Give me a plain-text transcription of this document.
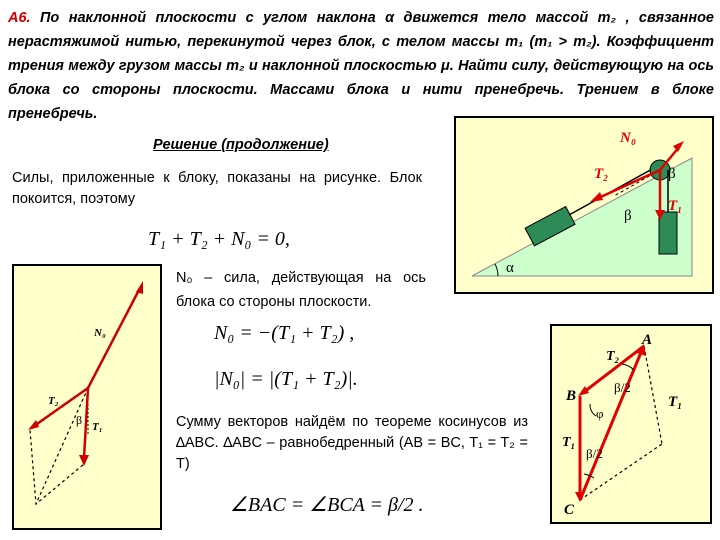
А6. По наклонной плоскости с углом наклона α движется тело массой m₂ , связанное нерастяжимой нитью, перекинутой через блок, с телом массы m₁ (m₁ > m₂). Коэффициент трения между грузом массы m₂ и наклонной плоскостью μ. Найти силу, действующую на ось блока со стороны плоскости. Массами блока и нити пренебречь. Трением в блоке пренебречь.
Решение (продолжение)
Силы, приложенные к блоку, показаны на рисунке. Блок покоится, поэтому
T₁ + T₂ + N₀ = 0,
N₀ – сила, действующая на ось блока со стороны плоскости.
N₀ = −(T₁ + T₂) ,
|N₀| = |(T₁ + T₂)|.
Сумму векторов найдём по теореме косинусов из ∆ABC. ∆ABC – равнобедренный (AB = BC, T₁ = T₂ = T)
∠BAC = ∠BCA = β/2 .
α
N₀
T₂
T₁
β
β
N₀
T₂
T₁
β
A
B
C
T₂
T₁
T₁
β/2
φ
β/2
